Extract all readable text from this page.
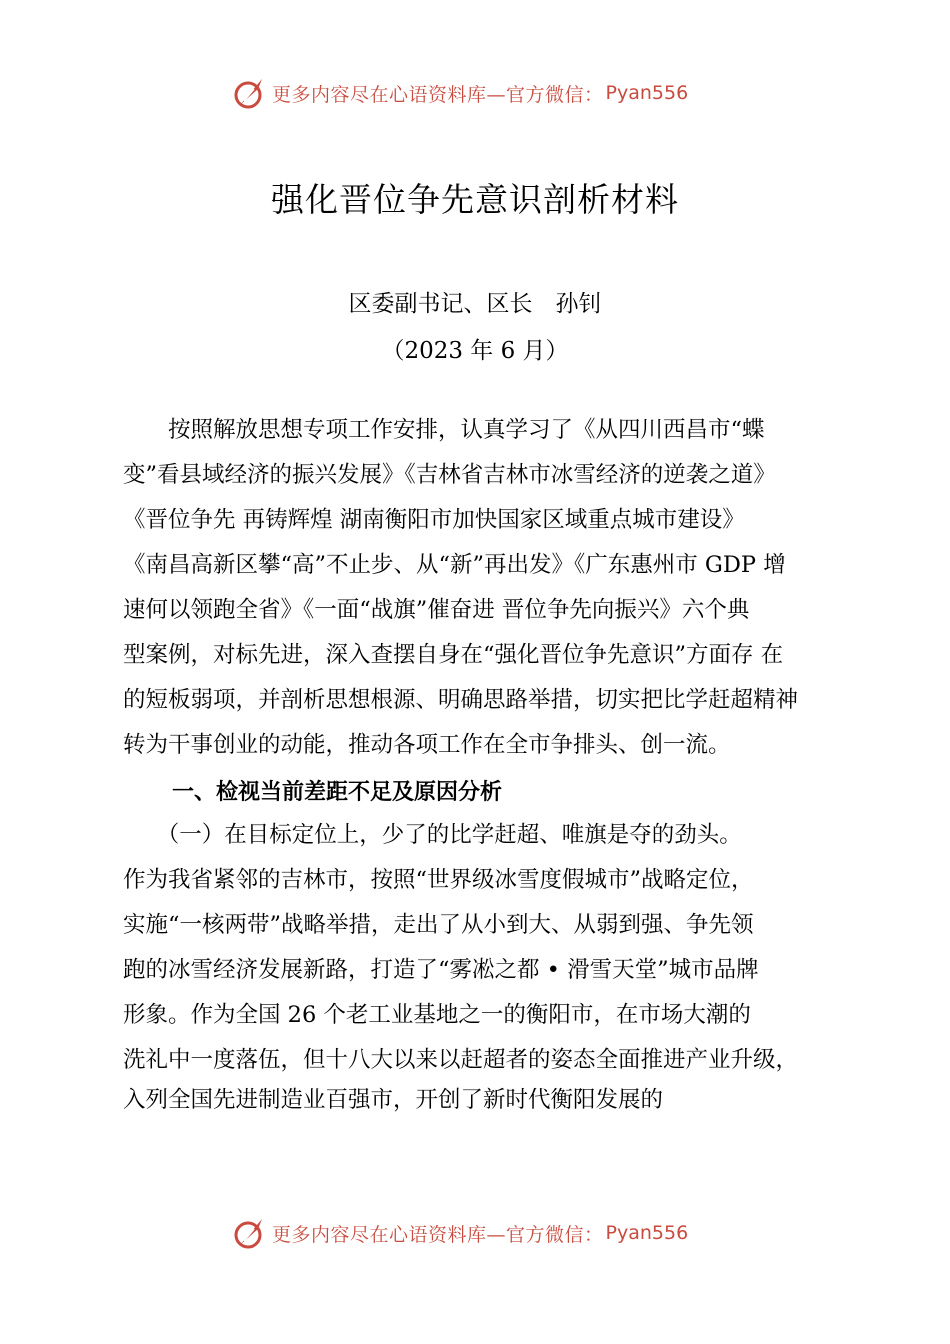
更多内容尽在心语资料库—官方微信： Pyan556
强化晋位争先意识剖析材料
区委副书记、区长　孙钊
（2023 年 6 月）
　　按照解放思想专项工作安排，认真学习了《从四川西昌市“蝶
变”看县域经济的振兴发展》《吉林省吉林市冰雪经济的逆袭之道》
《晋位争先 再铸辉煌 湖南衡阳市加快国家区域重点城市建设》
《南昌高新区攀“高”不止步、从“新”再出发》《广东惠州市 GDP 增
速何以领跑全省》《一面“战旗”催奋进 晋位争先向振兴》六个典
型案例，对标先进，深入查摆自身在“强化晋位争先意识”方面存 在
的短板弱项，并剖析思想根源、明确思路举措，切实把比学赶超精神
转为干事创业的动能，推动各项工作在全市争排头、创一流。
一、检视当前差距不足及原因分析
　　（一）在目标定位上，少了的比学赶超、唯旗是夺的劲头。
作为我省紧邻的吉林市，按照“世界级冰雪度假城市”战略定位，
实施“一核两带”战略举措，走出了从小到大、从弱到强、争先领
跑的冰雪经济发展新路，打造了“雾凇之都 • 滑雪天堂”城市品牌
形象。作为全国 26 个老工业基地之一的衡阳市，在市场大潮的
洗礼中一度落伍，但十八大以来以赶超者的姿态全面推进产业升级，
入列全国先进制造业百强市，开创了新时代衡阳发展的
更多内容尽在心语资料库—官方微信： Pyan556
